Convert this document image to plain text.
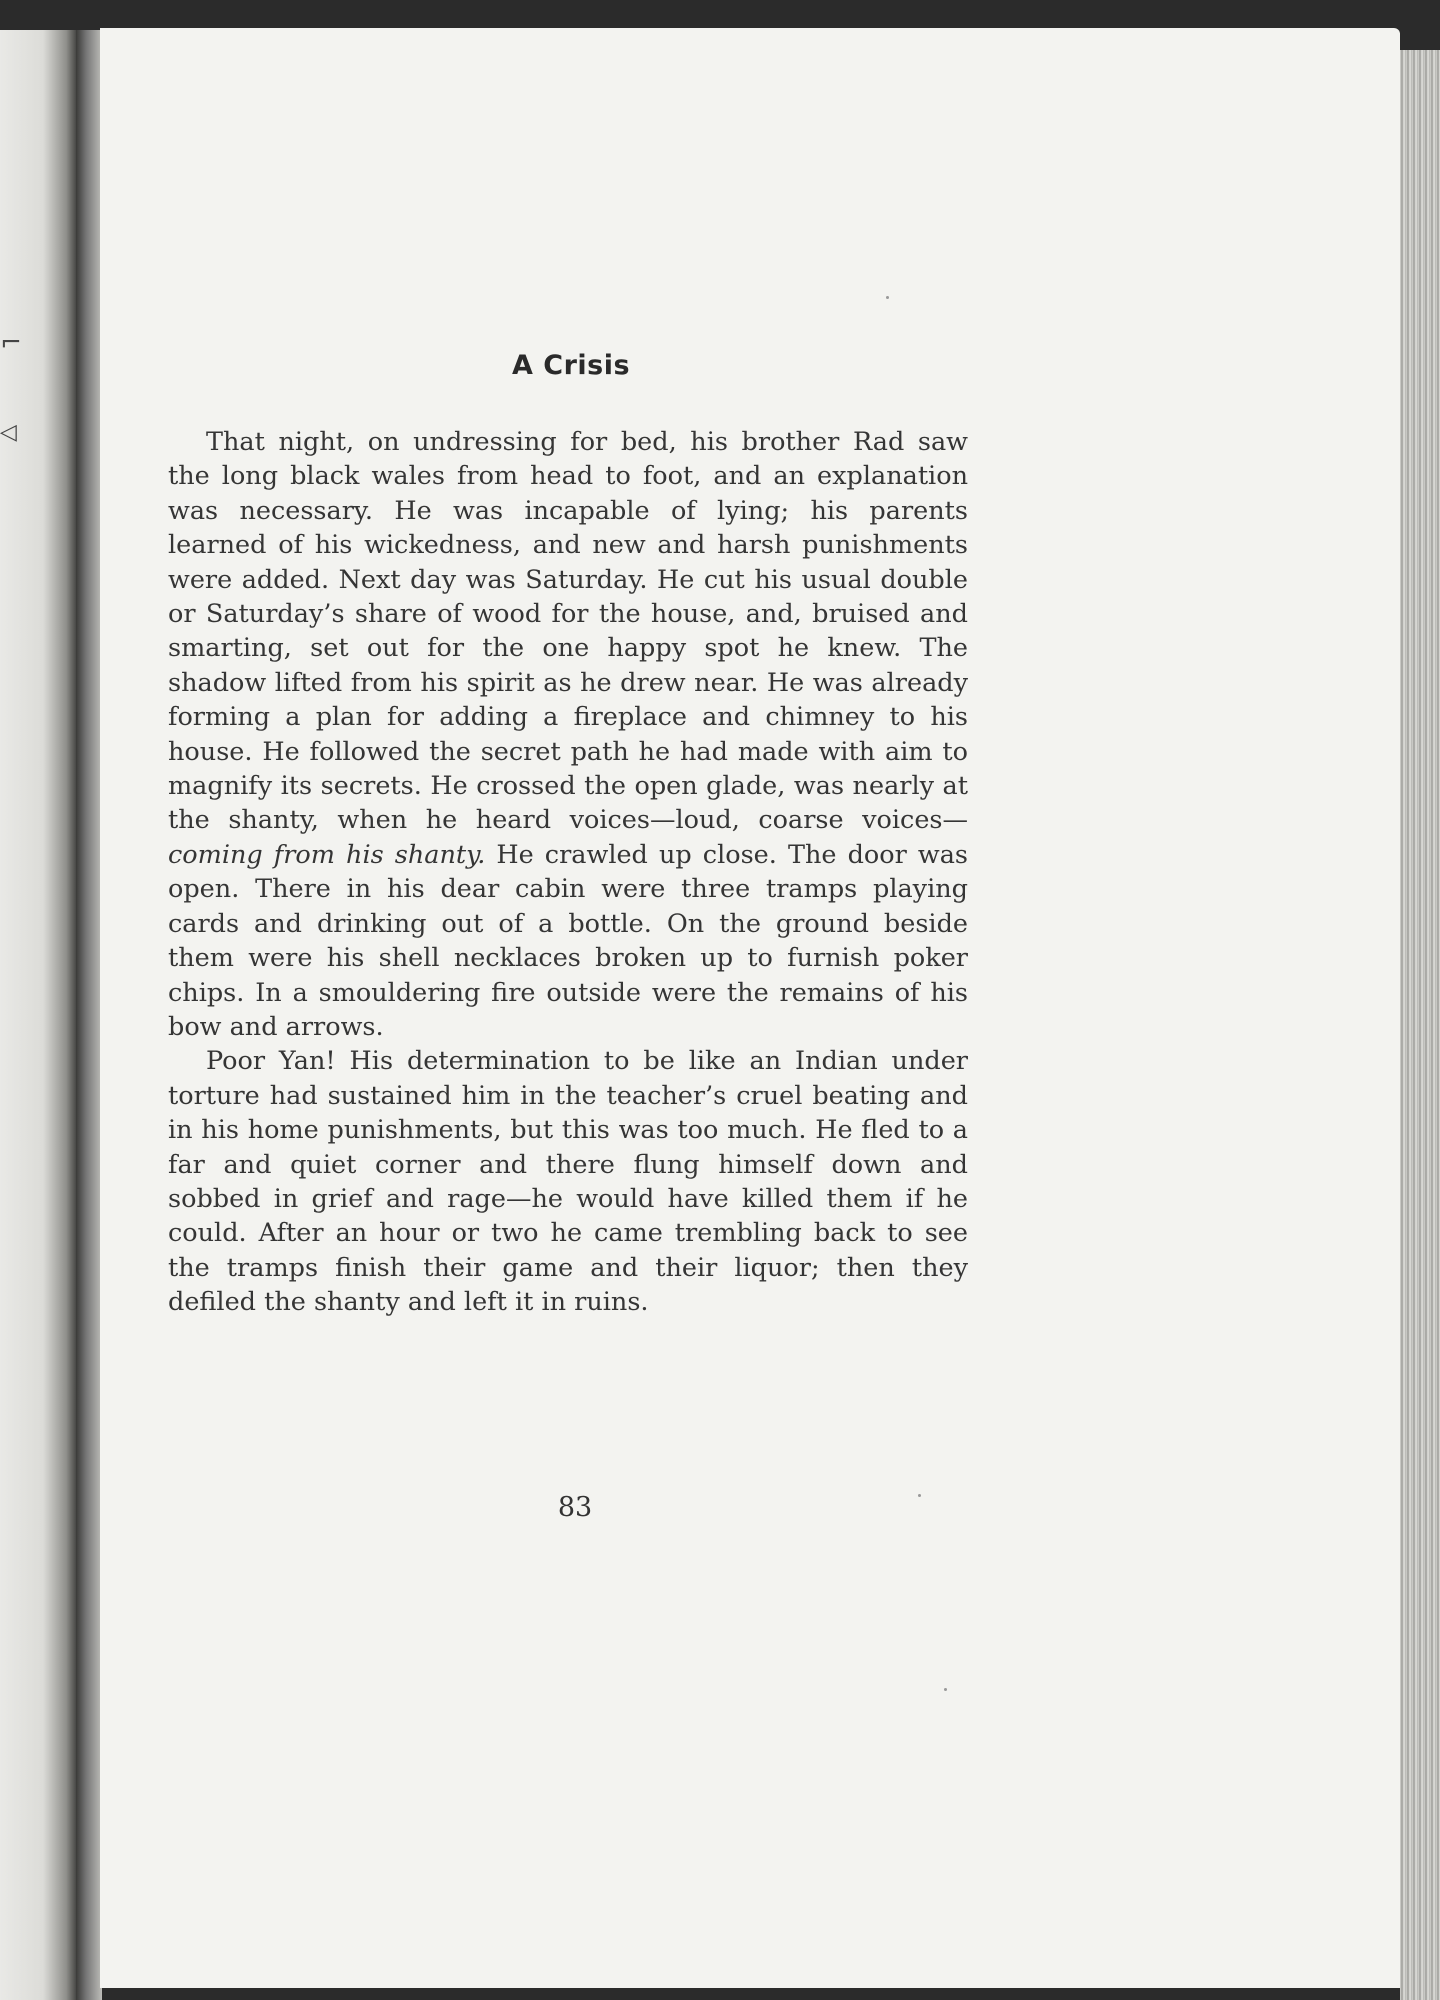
⌐
◁
A Crisis

That night, on undressing for bed, his brother Rad saw the long black wales from head to foot, and an explanation was necessary. He was incapable of lying; his parents learned of his wickedness, and new and harsh punishments were added. Next day was Saturday. He cut his usual double or Saturday’s share of wood for the house, and, bruised and smarting, set out for the one happy spot he knew. The shadow lifted from his spirit as he drew near. He was already forming a plan for adding a fireplace and chimney to his house. He followed the secret path he had made with aim to magnify its secrets. He crossed the open glade, was nearly at the shanty, when he heard voices—loud, coarse voices—coming from his shanty. He crawled up close. The door was open. There in his dear cabin were three tramps playing cards and drinking out of a bottle. On the ground beside them were his shell necklaces broken up to furnish poker chips. In a smouldering fire outside were the remains of his bow and arrows.

Poor Yan! His determination to be like an Indian under torture had sustained him in the teacher’s cruel beating and in his home punishments, but this was too much. He fled to a far and quiet corner and there flung himself down and sobbed in grief and rage—he would have killed them if he could. After an hour or two he came trembling back to see the tramps finish their game and their liquor; then they defiled the shanty and left it in ruins.

83
